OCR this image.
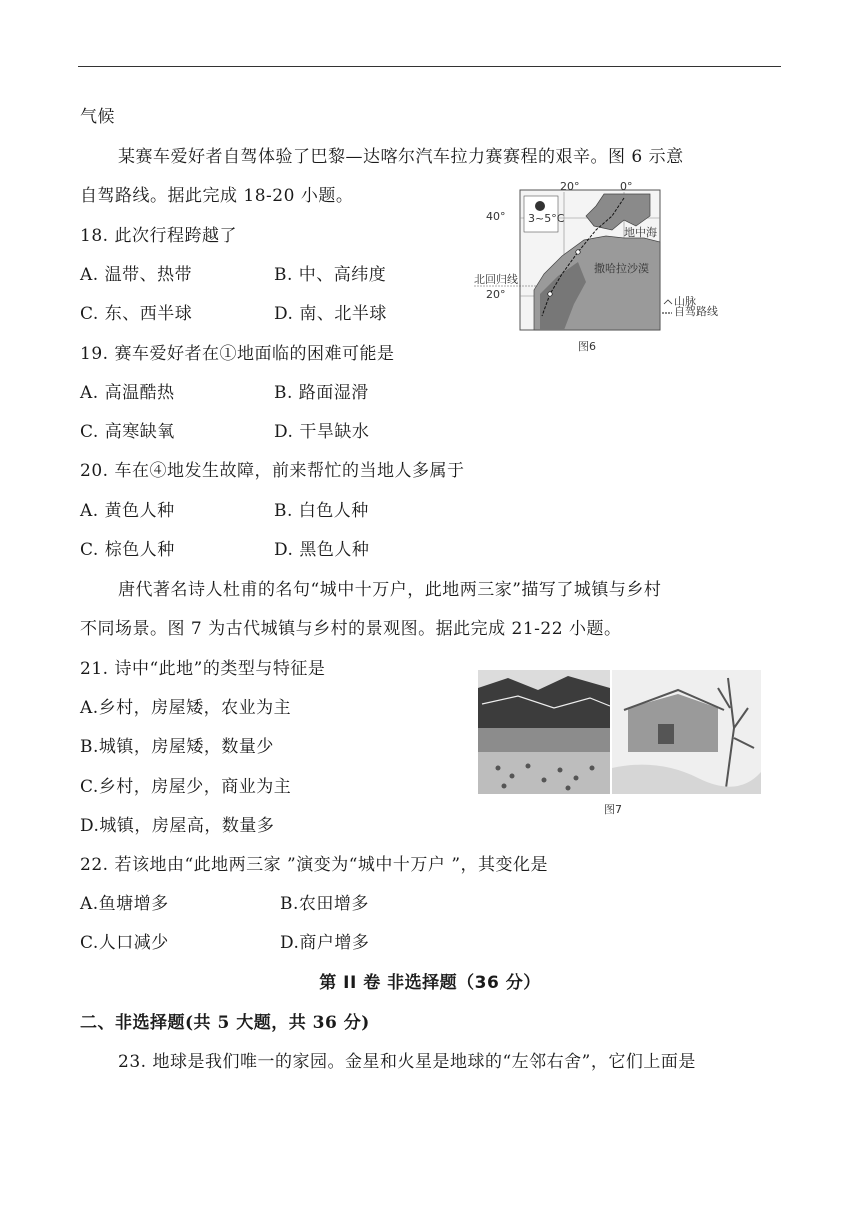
气候
某赛车爱好者自驾体验了巴黎—达喀尔汽车拉力赛赛程的艰辛。图 6 示意
自驾路线。据此完成 18-20 小题。
18. 此次行程跨越了
A. 温带、热带	B. 中、高纬度
C. 东、西半球	D. 南、北半球
20°	0°
40°
20°
北回归线
地中海
撒哈拉沙漠
3~5°C
山脉
自驾路线
图6
19. 赛车爱好者在①地面临的困难可能是
A. 高温酷热	B. 路面湿滑
C. 高寒缺氧	D. 干旱缺水
20. 车在④地发生故障，前来帮忙的当地人多属于
A. 黄色人种	B. 白色人种
C. 棕色人种	D. 黑色人种
唐代著名诗人杜甫的名句“城中十万户，此地两三家”描写了城镇与乡村
不同场景。图 7 为古代城镇与乡村的景观图。据此完成 21-22 小题。
21. 诗中“此地”的类型与特征是
A.乡村，房屋矮，农业为主
B.城镇，房屋矮，数量少
C.乡村，房屋少，商业为主
D.城镇，房屋高，数量多
图7
22. 若该地由“此地两三家 ”演变为“城中十万户 ”，其变化是
A.鱼塘增多	B.农田增多
C.人口减少	D.商户增多
第 II 卷 非选择题（36 分）
二、非选择题(共 5 大题，共 36 分)
23. 地球是我们唯一的家园。金星和火星是地球的“左邻右舍”，它们上面是
